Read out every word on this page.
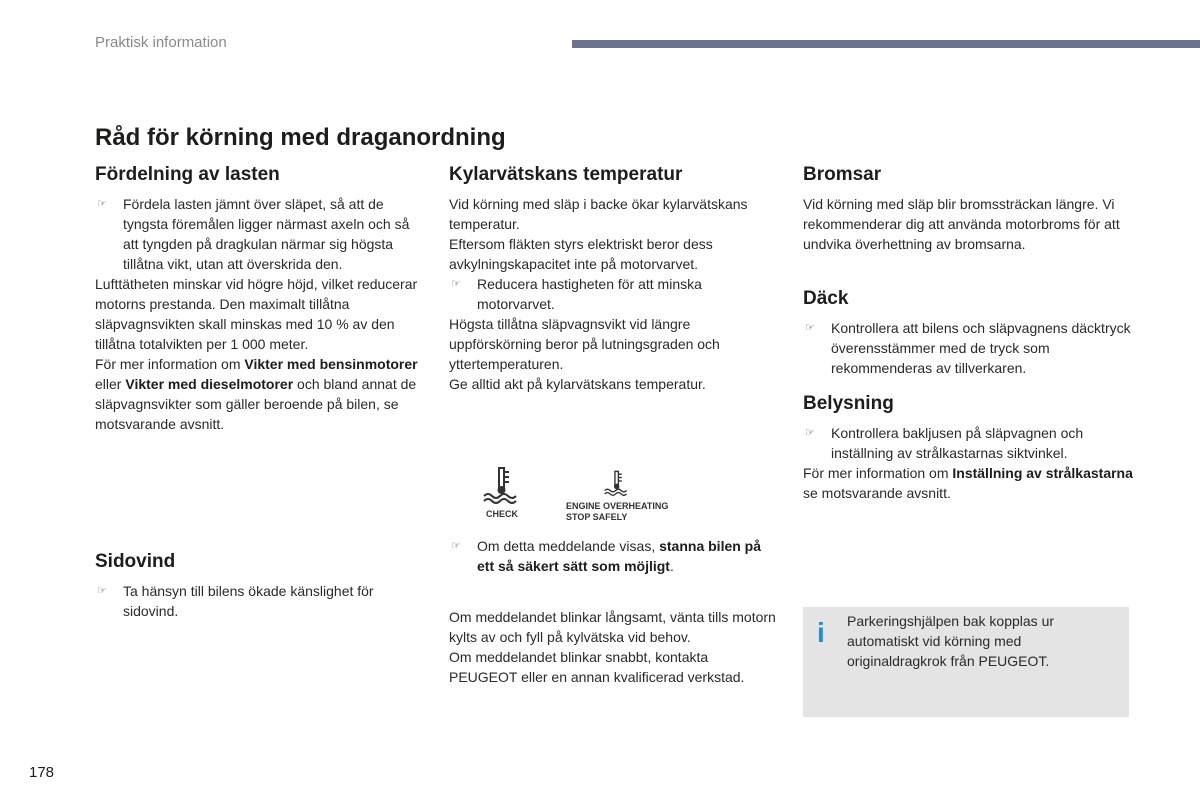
Praktisk information
Råd för körning med draganordning
Fördelning av lasten
☞ Fördela lasten jämnt över släpet, så att de tyngsta föremålen ligger närmast axeln och så att tyngden på dragkulan närmar sig högsta tillåtna vikt, utan att överskrida den.

Lufttätheten minskar vid högre höjd, vilket reducerar motorns prestanda. Den maximalt tillåtna släpvagnsvikten skall minskas med 10 % av den tillåtna totalvikten per 1 000 meter.

För mer information om Vikter med bensinmotorer eller Vikter med dieselmotorer och bland annat de släpvagnsvikter som gäller beroende på bilen, se motsvarande avsnitt.

Sidovind
☞ Ta hänsyn till bilens ökade känslighet för sidovind.
Kylarvätskans temperatur

Vid körning med släp i backe ökar kylarvätskans temperatur.

Eftersom fläkten styrs elektriskt beror dess avkylningskapacitet inte på motorvarvet.

☞ Reducera hastigheten för att minska motorvarvet.

Högsta tillåtna släpvagnsvikt vid längre uppförskörning beror på lutningsgraden och yttertemperaturen.

Ge alltid akt på kylarvätskans temperatur.

CHECK
ENGINE OVERHEATING
STOP SAFELY
☞ Om detta meddelande visas, stanna bilen på ett så säkert sätt som möjligt.

Om meddelandet blinkar långsamt, vänta tills motorn kylts av och fyll på kylvätska vid behov.

Om meddelandet blinkar snabbt, kontakta PEUGEOT eller en annan kvalificerad verkstad.

Bromsar

Vid körning med släp blir bromssträckan längre. Vi rekommenderar dig att använda motorbroms för att undvika överhettning av bromsarna.

Däck
☞ Kontrollera att bilens och släpvagnens däcktryck överensstämmer med de tryck som rekommenderas av tillverkaren.
Belysning
☞ Kontrollera bakljusen på släpvagnen och inställning av strålkastarnas siktvinkel.

För mer information om Inställning av strålkastarna se motsvarande avsnitt.

i Parkeringshjälpen bak kopplas ur automatiskt vid körning med originaldragkrok från PEUGEOT.
178
